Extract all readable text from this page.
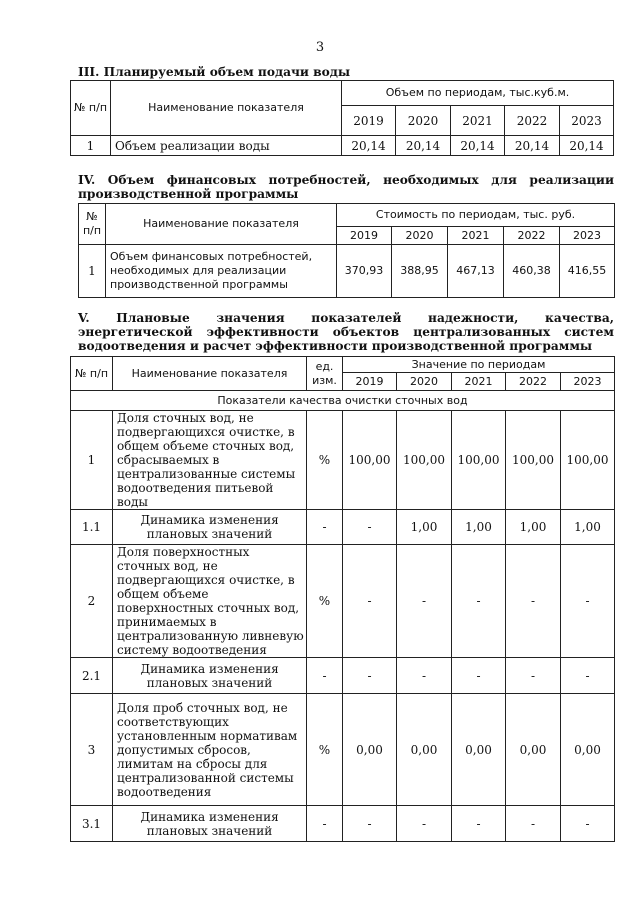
3
III. Планируемый объем подачи воды
№ п/п	Наименование показателя	Объем по периодам, тыс.куб.м.				
		2019	2020	2021	2022	2023
1	Объем реализации воды	20,14	20,14	20,14	20,14	20,14
IV. Объем финансовых потребностей, необходимых для реализации производственной программы
№ п/п	Наименование показателя	Стоимость по периодам, тыс. руб.				
		2019	2020	2021	2022	2023
1	Объем финансовых потребностей, необходимых для реализации производственной программы	370,93	388,95	467,13	460,38	416,55
V. Плановые значения показателей надежности, качества, энергетической эффективности объектов централизованных систем водоотведения и расчет эффективности производственной программы
№ п/п	Наименование показателя	ед. изм.	Значение по периодам				
			2019	2020	2021	2022	2023
Показатели качества очистки сточных вод							
1	Доля сточных вод, не подвергающихся очистке, в общем объеме сточных вод, сбрасываемых в централизованные системы водоотведения питьевой воды	%	100,00	100,00	100,00	100,00	100,00
1.1	Динамика изменения плановых значений	-	-	1,00	1,00	1,00	1,00
2	Доля поверхностных сточных вод, не подвергающихся очистке, в общем объеме поверхностных сточных вод, принимаемых в централизованную ливневую систему водоотведения	%	-	-	-	-	-
2.1	Динамика изменения плановых значений	-	-	-	-	-	-
3	Доля проб сточных вод, не соответствующих установленным нормативам допустимых сбросов, лимитам на сбросы для централизованной системы водоотведения	%	0,00	0,00	0,00	0,00	0,00
3.1	Динамика изменения плановых значений	-	-	-	-	-	-
